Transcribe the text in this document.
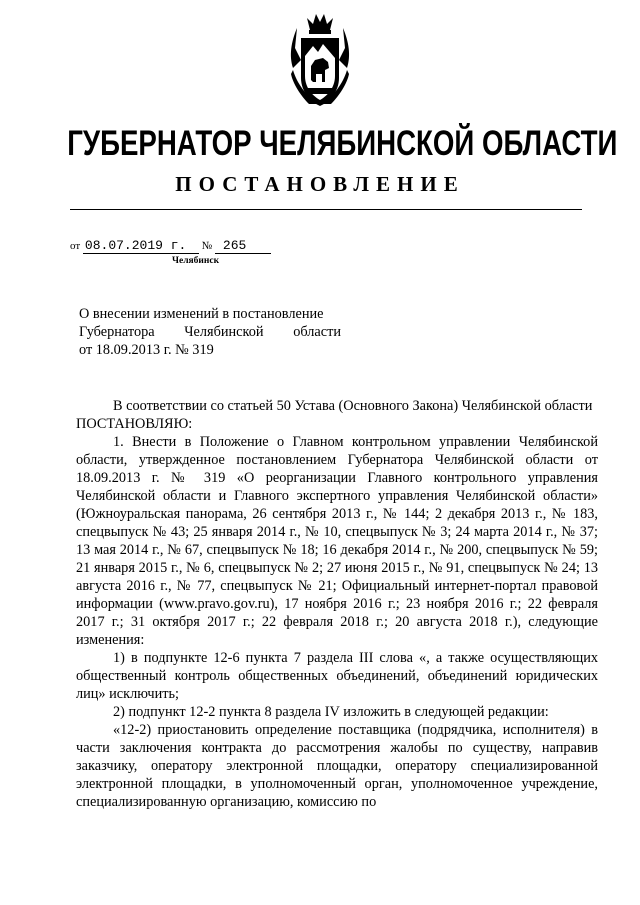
ГУБЕРНАТОР ЧЕЛЯБИНСКОЙ ОБЛАСТИ
ПОСТАНОВЛЕНИЕ
от 08.07.2019 г. № 265
Челябинск
О внесении изменений в постановление
Губернатора Челябинской области
от 18.09.2013 г. № 319

В соответствии со статьей 50 Устава (Основного Закона) Челябинской области

ПОСТАНОВЛЯЮ:

1. Внести в Положение о Главном контрольном управлении Челябинской области, утвержденное постановлением Губернатора Челябинской области от 18.09.2013 г. № 319 «О реорганизации Главного контрольного управления Челябинской области и Главного экспертного управления Челябинской области» (Южноуральская панорама, 26 сентября 2013 г., № 144; 2 декабря 2013 г., № 183, спецвыпуск № 43; 25 января 2014 г., № 10, спецвыпуск № 3; 24 марта 2014 г., № 37; 13 мая 2014 г., № 67, спецвыпуск № 18; 16 декабря 2014 г., № 200, спецвыпуск № 59; 21 января 2015 г., № 6, спецвыпуск № 2; 27 июня 2015 г., № 91, спецвыпуск № 24; 13 августа 2016 г., № 77, спецвыпуск № 21; Официальный интернет-портал правовой информации (www.pravo.gov.ru), 17 ноября 2016 г.; 23 ноября 2016 г.; 22 февраля 2017 г.; 31 октября 2017 г.; 22 февраля 2018 г.; 20 августа 2018 г.), следующие изменения:

1) в подпункте 12-6 пункта 7 раздела III слова «, а также осуществляющих общественный контроль общественных объединений, объединений юридических лиц» исключить;

2) подпункт 12-2 пункта 8 раздела IV изложить в следующей редакции:

«12-2) приостановить определение поставщика (подрядчика, исполнителя) в части заключения контракта до рассмотрения жалобы по существу, направив заказчику, оператору электронной площадки, оператору специализированной электронной площадки, в уполномоченный орган, уполномоченное учреждение, специализированную организацию, комиссию по
